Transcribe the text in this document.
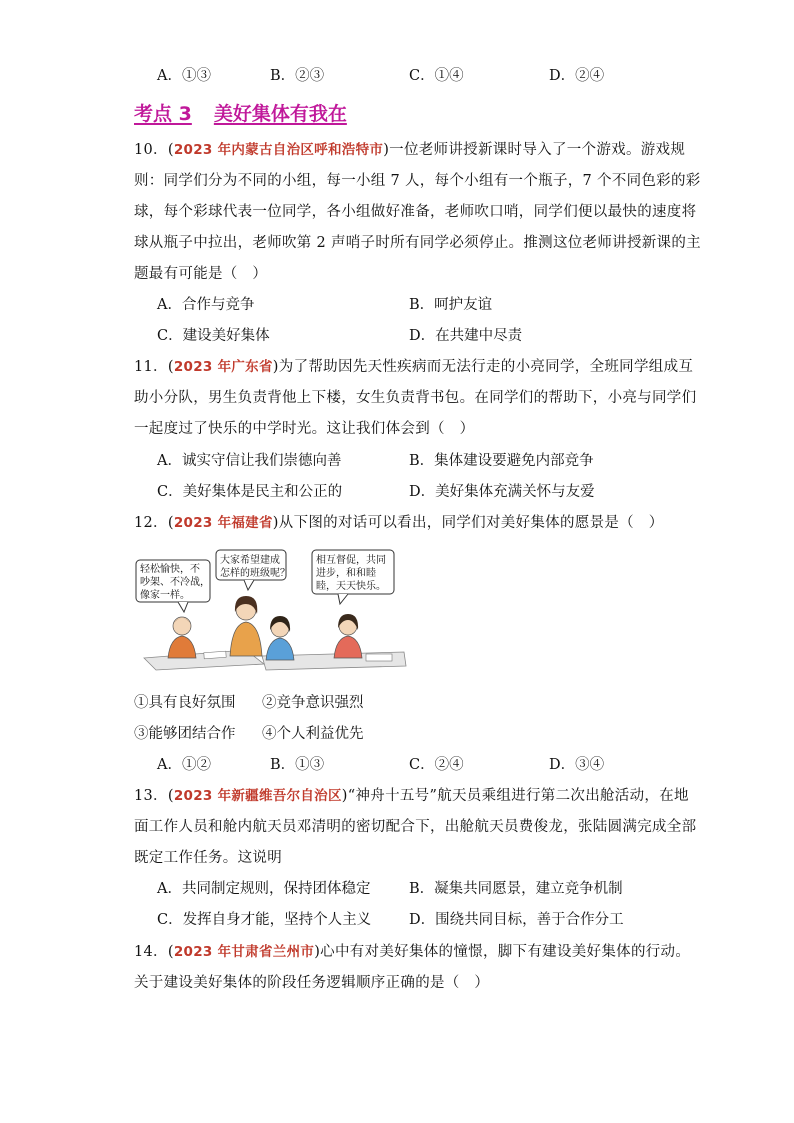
A．①③	B．②③	C．①④	D．②④
考点 3 美好集体有我在
10．(2023 年内蒙古自治区呼和浩特市)一位老师讲授新课时导入了一个游戏。游戏规
则：同学们分为不同的小组，每一小组 7 人，每个小组有一个瓶子，7 个不同色彩的彩
球，每个彩球代表一位同学，各小组做好准备，老师吹口哨，同学们便以最快的速度将
球从瓶子中拉出，老师吹第 2 声哨子时所有同学必须停止。推测这位老师讲授新课的主
题最有可能是（　）
A．合作与竞争	B．呵护友谊
C．建设美好集体	D．在共建中尽责
11．(2023 年广东省)为了帮助因先天性疾病而无法行走的小亮同学，全班同学组成互
助小分队，男生负责背他上下楼，女生负责背书包。在同学们的帮助下，小亮与同学们
一起度过了快乐的中学时光。这让我们体会到（　）
A．诚实守信让我们崇德向善	B．集体建设要避免内部竞争
C．美好集体是民主和公正的	D．美好集体充满关怀与友爱
12．(2023 年福建省)从下图的对话可以看出，同学们对美好集体的愿景是（　）
轻松愉快，不
吵架、不冷战，
像家一样。
大家希望建成
怎样的班级呢？
相互督促，共同
进步，和和睦
睦，天天快乐。
①具有良好氛围 ②竞争意识强烈
③能够团结合作 ④个人利益优先
A．①②	B．①③	C．②④	D．③④
13．(2023 年新疆维吾尔自治区)“神舟十五号”航天员乘组进行第二次出舱活动，在地
面工作人员和舱内航天员邓清明的密切配合下，出舱航天员费俊龙，张陆圆满完成全部
既定工作任务。这说明
A．共同制定规则，保持团体稳定	B．凝集共同愿景，建立竞争机制
C．发挥自身才能，坚持个人主义	D．围绕共同目标，善于合作分工
14．(2023 年甘肃省兰州市)心中有对美好集体的憧憬，脚下有建设美好集体的行动。
关于建设美好集体的阶段任务逻辑顺序正确的是（　）
